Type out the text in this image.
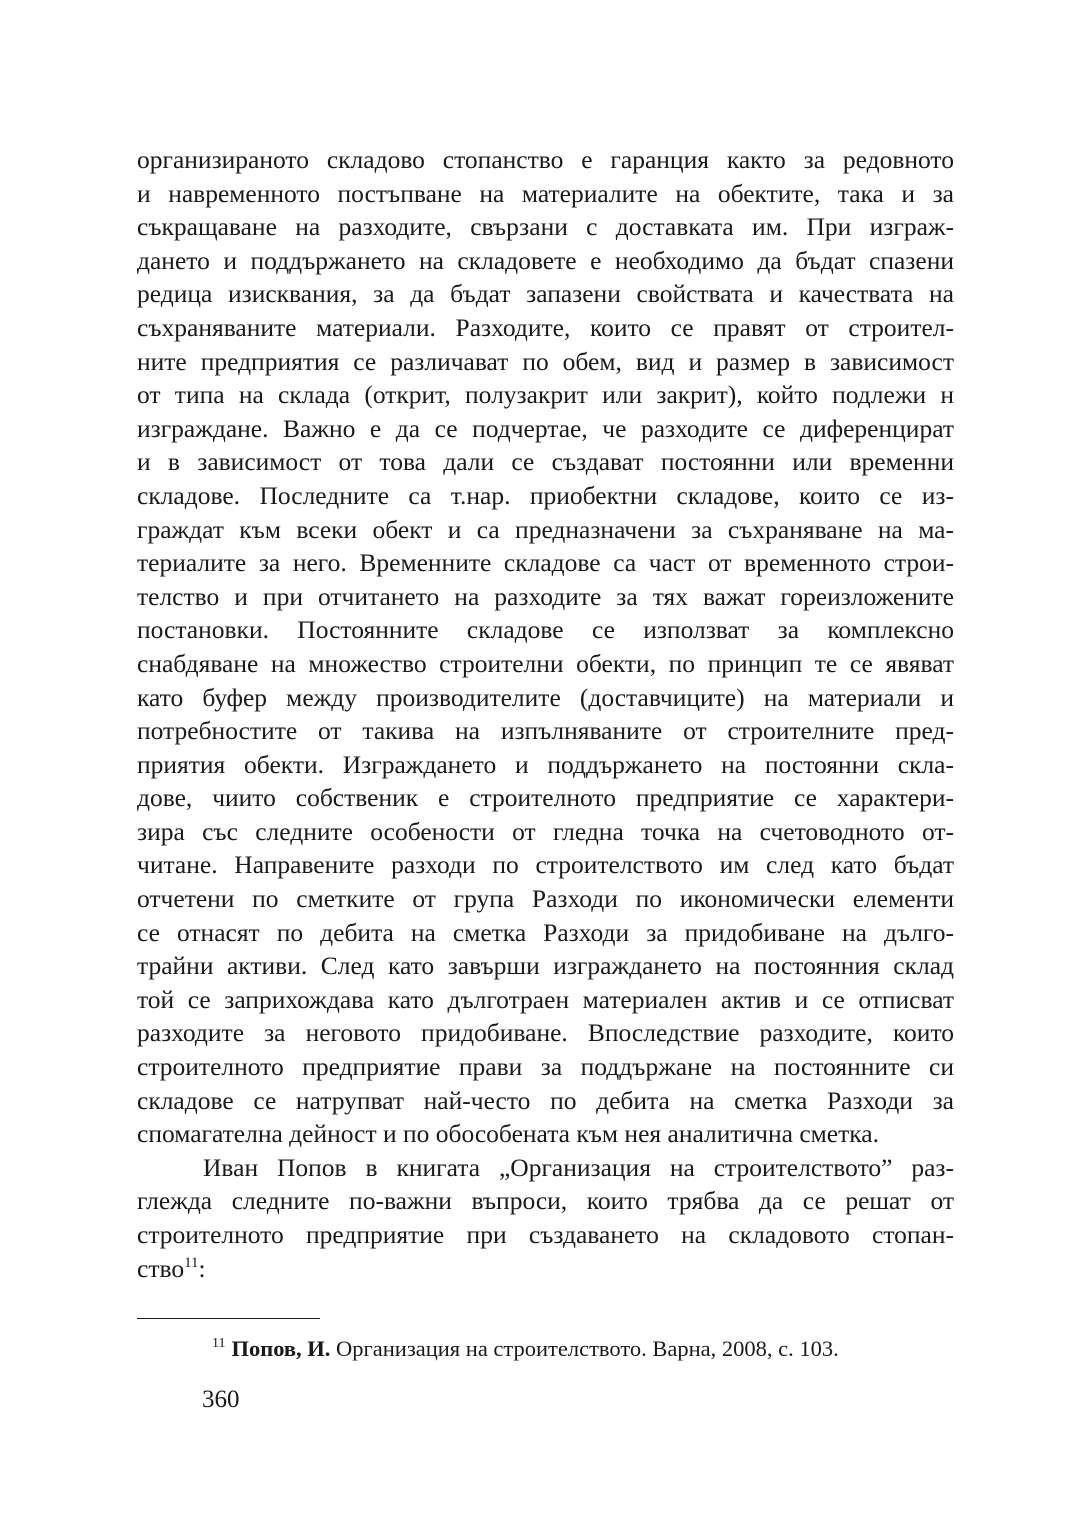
организираното складово стопанство е гаранция както за редовното
и навременното постъпване на материалите на обектите, така и за
съкращаване на разходите, свързани с доставката им. При изграж-
дането и поддържането на складовете е необходимо да бъдат спазени
редица изисквания, за да бъдат запазени свойствата и качествата на
съхраняваните материали. Разходите, които се правят от строител-
ните предприятия се различават по обем, вид и размер в зависимост
от типа на склада (открит, полузакрит или закрит), който подлежи н
изграждане. Важно е да се подчертае, че разходите се диференцират
и в зависимост от това дали се създават постоянни или временни
складове. Последните са т.нар. приобектни складове, които се из-
граждат към всеки обект и са предназначени за съхраняване на ма-
териалите за него. Временните складове са част от временното строи-
телство и при отчитането на разходите за тях важат гореизложените
постановки. Постоянните складове се използват за комплексно
снабдяване на множество строителни обекти, по принцип те се явяват
като буфер между производителите (доставчиците) на материали и
потребностите от такива на изпълняваните от строителните пред-
приятия обекти. Изграждането и поддържането на постоянни скла-
дове, чиито собственик е строителното предприятие се характери-
зира със следните особености от гледна точка на счетоводното от-
читане. Направените разходи по строителството им след като бъдат
отчетени по сметките от група Разходи по икономически елементи
се отнасят по дебита на сметка Разходи за придобиване на дълго-
трайни активи. След като завърши изграждането на постоянния склад
той се заприхождава като дълготраен материален актив и се отписват
разходите за неговото придобиване. Впоследствие разходите, които
строителното предприятие прави за поддържане на постоянните си
складове се натрупват най-често по дебита на сметка Разходи за
спомагателна дейност и по обособената към нея аналитична сметка.

Иван Попов в книгата „Организация на строителството” раз-
глежда следните по-важни въпроси, които трябва да се решат от
строителното предприятие при създаването на складовото стопан-
ство$^{11}$:

$^{11}$ Попов, И. Организация на строителството. Варна, 2008, с. 103.
360
